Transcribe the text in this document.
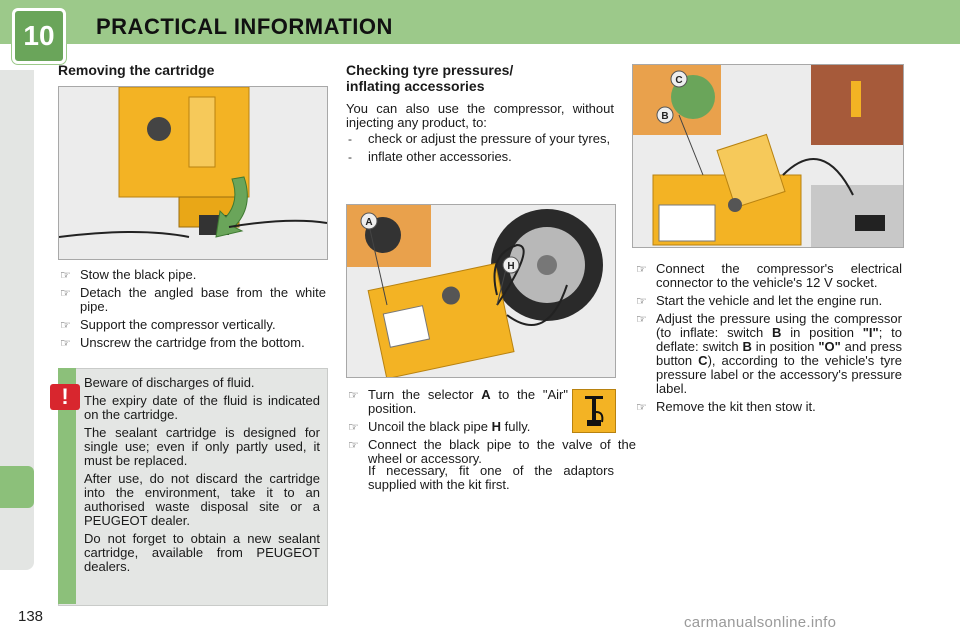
10	PRACTICAL INFORMATION
Removing the cartridge
☞ Stow the black pipe.
☞ Detach the angled base from the white pipe.
☞ Support the compressor vertically.
☞ Unscrew the cartridge from the bottom.
!

Beware of discharges of fluid.

The expiry date of the fluid is indicated on the cartridge.

The sealant cartridge is designed for single use; even if only partly used, it must be replaced.

After use, do not discard the cartridge into the environment, take it to an authorised waste disposal site or a PEUGEOT dealer.

Do not forget to obtain a new sealant cartridge, available from PEUGEOT dealers.

Checking tyre pressures/
inflating accessories
You can also use the compressor, without injecting any product, to:
- check or adjust the pressure of your tyres,
- inflate other accessories.
A
H
☞ Turn the selector A to the "Air" position.
☞ Uncoil the black pipe H fully.
☞ Connect the black pipe to the valve of the wheel or accessory.
If necessary, fit one of the adaptors supplied with the kit first.
C
B
☞ Connect the compressor's electrical connector to the vehicle's 12 V socket.
☞ Start the vehicle and let the engine run.
☞ Adjust the pressure using the compressor (to inflate: switch B in position "I"; to deflate: switch B in position "O" and press button C), according to the vehicle's tyre pressure label or the accessory's pressure label.
☞ Remove the kit then stow it.
138	carmanualsonline.info
